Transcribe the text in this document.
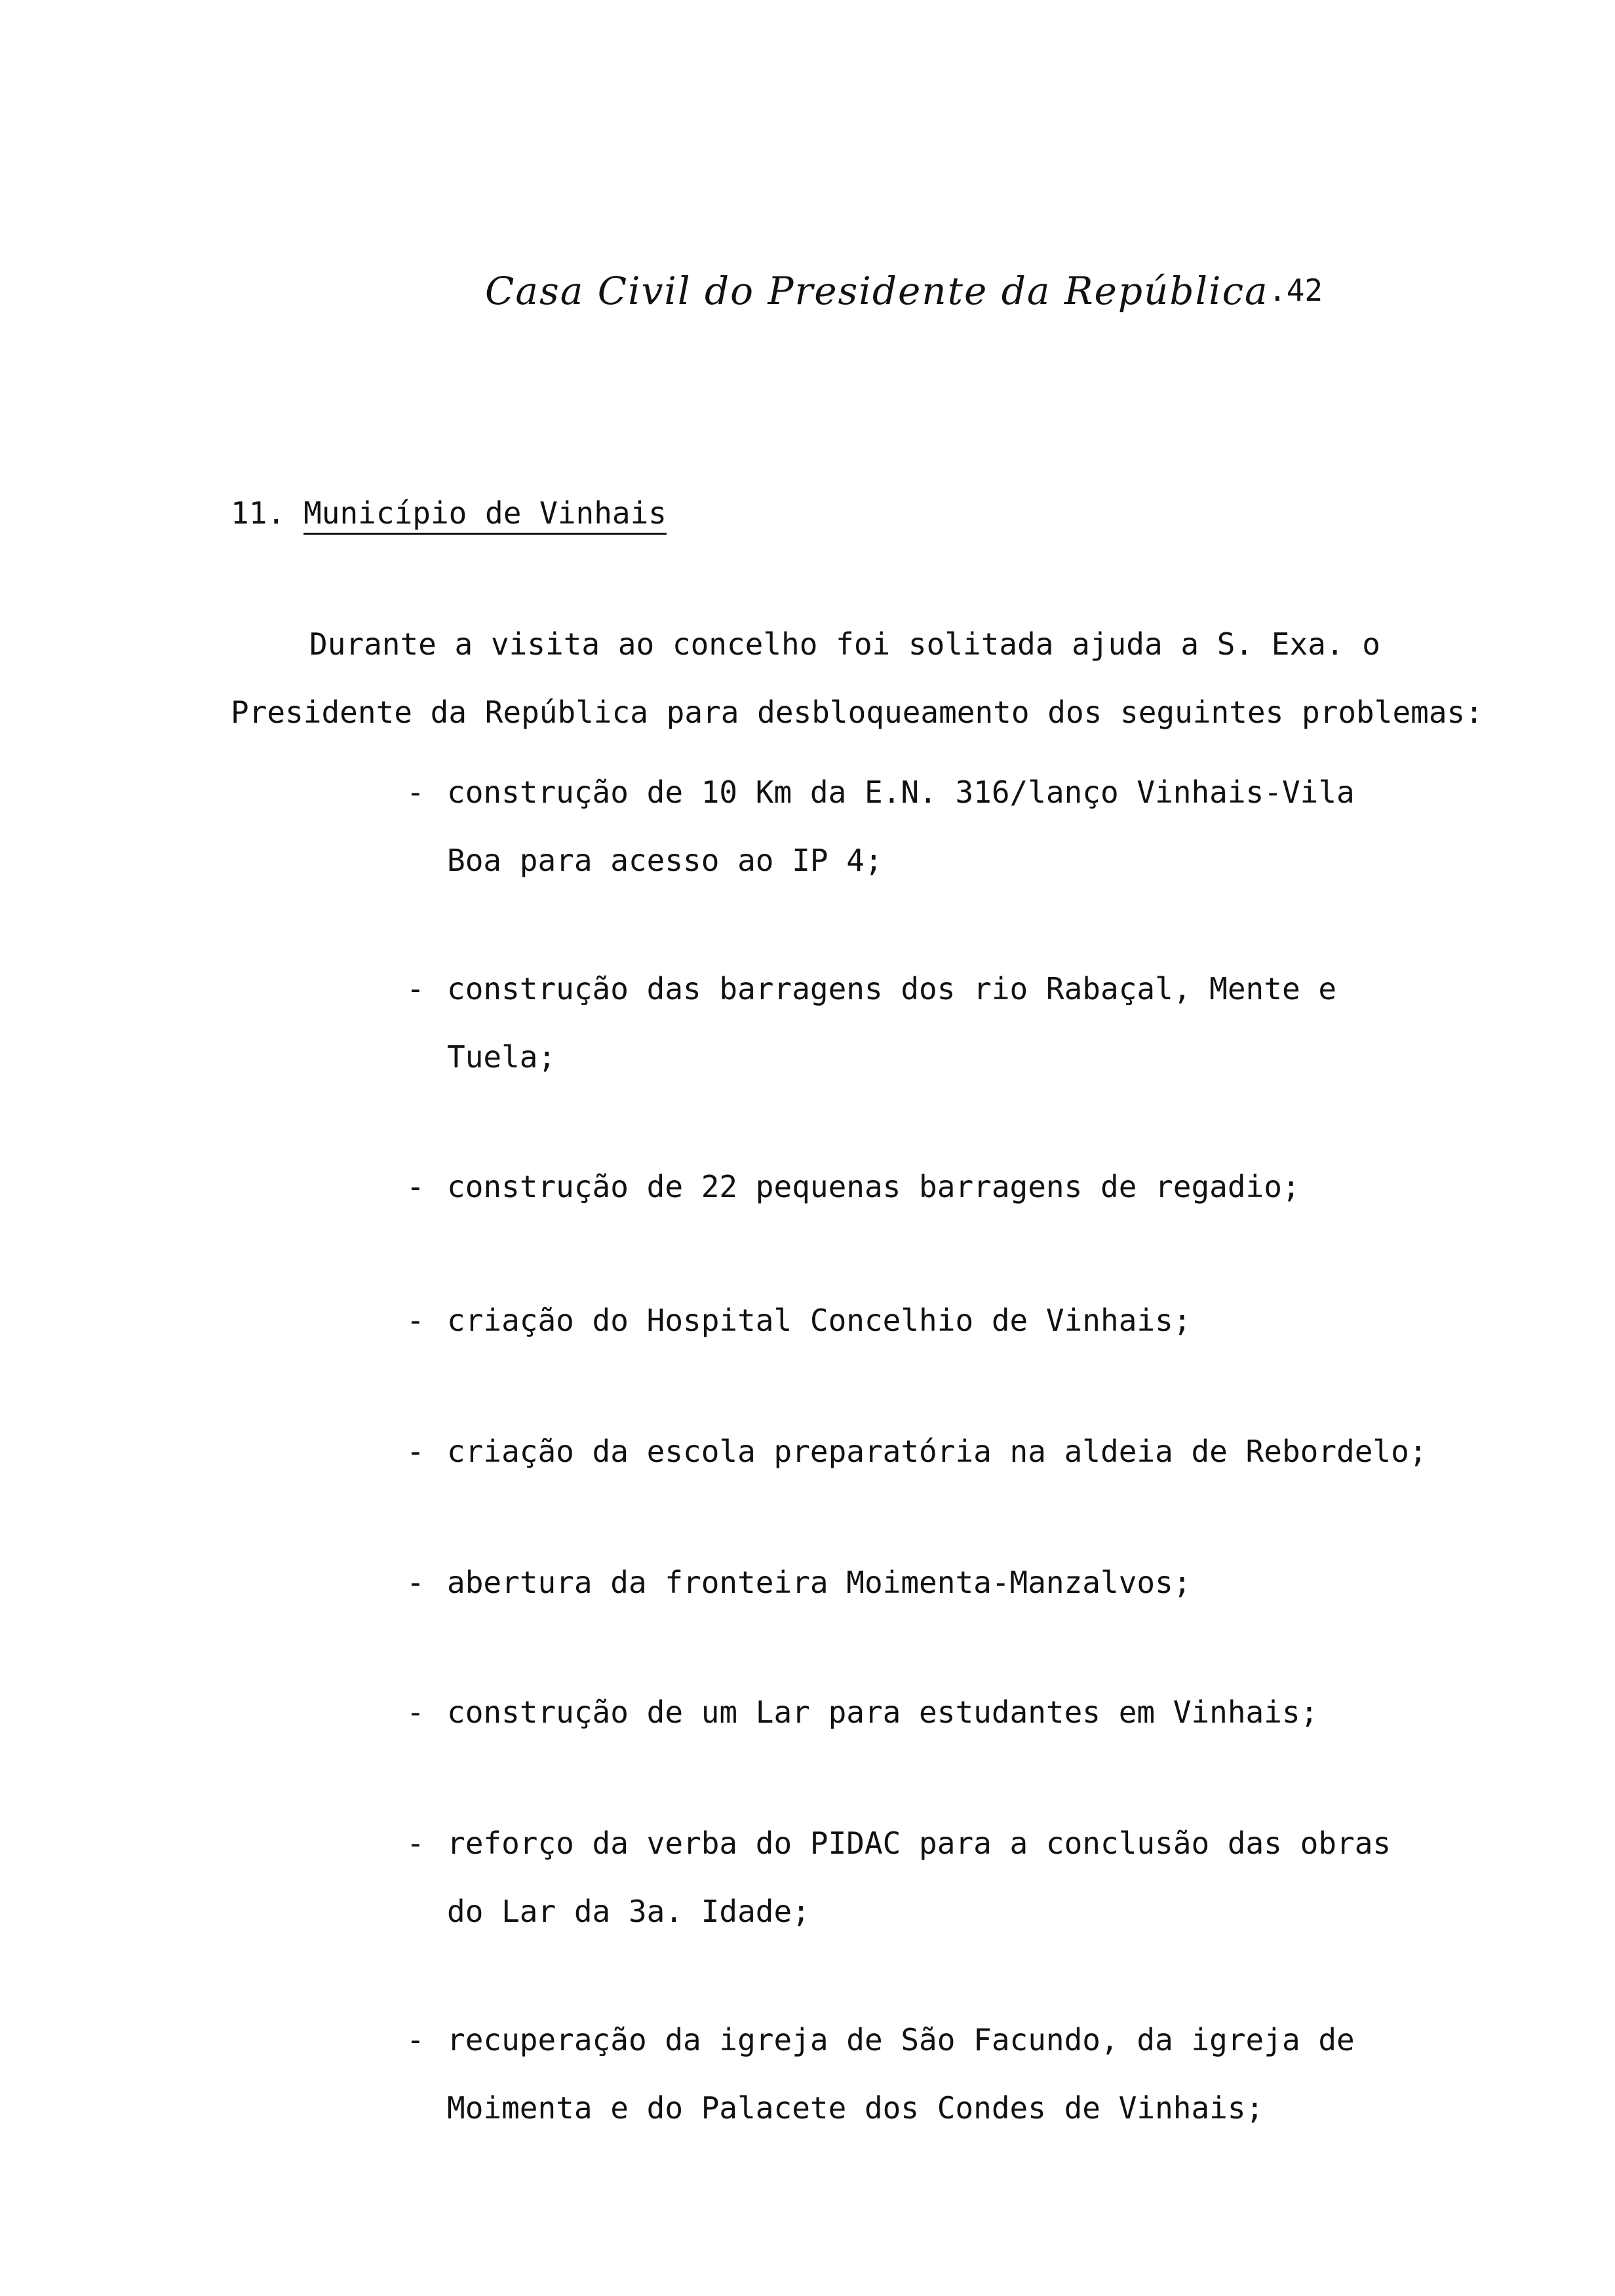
Casa Civil do Presidente da República .42
11. Município de Vinhais
Durante a visita ao concelho foi solitada ajuda a S. Exa. o
Presidente da República para desbloqueamento dos seguintes problemas:
- construção de 10 Km da E.N. 316/lanço Vinhais-Vila
Boa para acesso ao IP 4;
- construção das barragens dos rio Rabaçal, Mente e
Tuela;
- construção de 22 pequenas barragens de regadio;
- criação do Hospital Concelhio de Vinhais;
- criação da escola preparatória na aldeia de Rebordelo;
- abertura da fronteira Moimenta-Manzalvos;
- construção de um Lar para estudantes em Vinhais;
- reforço da verba do PIDAC para a conclusão das obras
do Lar da 3a. Idade;
- recuperação da igreja de São Facundo, da igreja de
Moimenta e do Palacete dos Condes de Vinhais;
